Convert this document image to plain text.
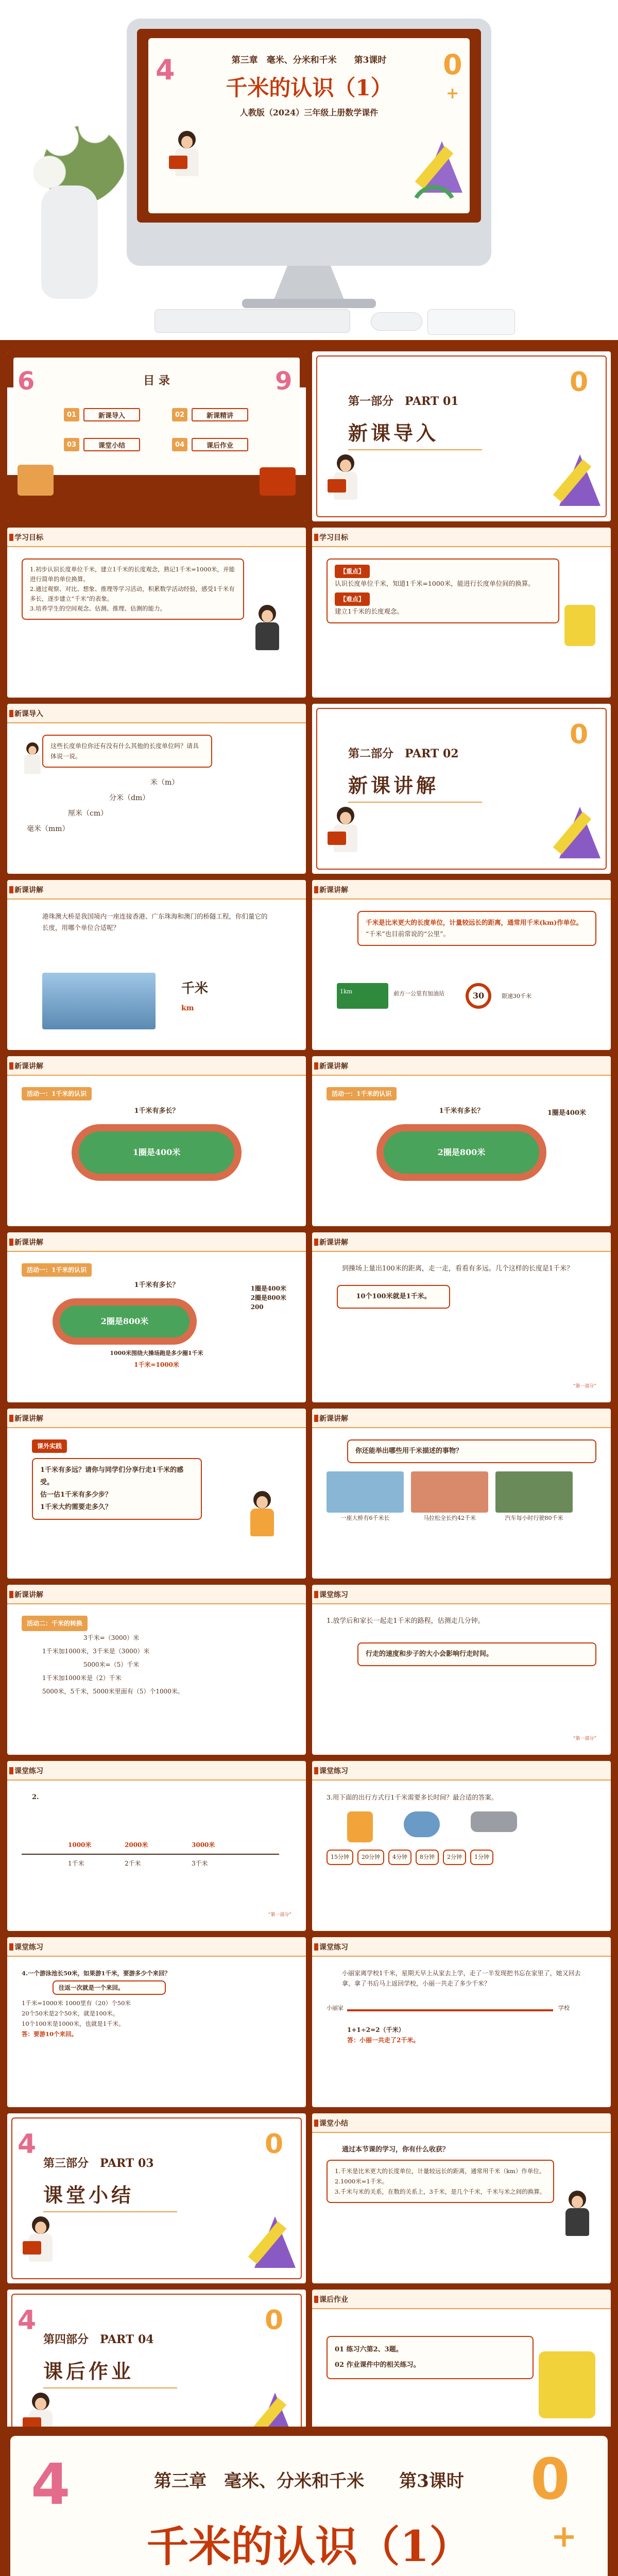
4	0
+
第三章　毫米、分米和千米　　第3课时
千米的认识（1）
人教版（2024）三年级上册数学课件
6	9
目 录
01	新课导入	02	新课精讲
03	课堂小结	04	课后作业
第一部分　PART 01
新课导入
0
学习目标

1.初步认识长度单位千米，建立1千米的长度观念，熟记1千米=1000米，并能进行简单的单位换算。

2.通过观察、对比、想象、推理等学习活动，积累数学活动经验，感受1千米有多长，逐步建立“千米”的表象。

3.培养学生的空间观念、估测、推理、估测的能力。

学习目标
【重点】

认识长度单位千米，知道1千米=1000米，能进行长度单位间的换算。

【难点】

建立1千米的长度观念。

新课导入
这些长度单位你还有没有什么其他的长度单位吗？请具体说一说。
米（m）
分米（dm）
厘米（cm）
毫米（mm）
第二部分　PART 02
新课讲解
0
新课讲解

港珠澳大桥是我国境内一座连接香港、广东珠海和澳门的桥隧工程，你们量它的长度，用哪个单位合适呢？

千米
km
新课讲解

千米是比米更大的长度单位，计量较远长的距离，通常用千米(km)作单位。

“千米”也目前常说的“公里”。

1km	前方一公里有加油站	30	限速30千米
新课讲解
活动一：1千米的认识

1千米有多长？

1圈是400米
新课讲解
活动一：1千米的认识

1千米有多长？	1圈是400米
2圈是800米
新课讲解
活动一：1千米的认识

1千米有多长？	1圈是400米
2圈是800米
200
2圈是800米

1000米围绕大操场跑是多少圈1千米

1千米=1000米

新课讲解

到操场上量出100米的距离，走一走，看看有多远。几个这样的长度是1千米？

10个100米就是1千米。
“第一部分”
新课讲解
课外实践

1千米有多远？请你与同学们分享行走1千米的感受。

估一估1千米有多少步？

1千米大约需要走多久？

新课讲解
你还能举出哪些用千米描述的事物？

一座大桥有6千米长	马拉松全长约42千米	汽车每小时行驶80千米

新课讲解
活动二：千米的转换

3千米=（3000）米

1千米加1000米，3千米是（3000）米

5000米=（5）千米

1千米加1000米是（2）千米

5000米，5千米，5000米里面有（5）个1000米。

课堂练习

1.放学后和家长一起走1千米的路程，估测走几分钟。

行走的速度和步子的大小会影响行走时间。
“第一部分”
课堂练习

2.

1000米	2000米	3000米
1千米	2千米	3千米
“第一部分”
课堂练习

3.用下面的出行方式行1千米需要多长时间？最合适的答案。

15分钟	20分钟	4分钟	8分钟	2分钟	1分钟
课堂练习

4.一个游泳池长50米，如果游1千米，要游多少个来回？

往返一次就是一个来回。

1千米=1000米 1000里有（20）个50米

20个50米是2个50米，就是100米。

10个100米是1000米，也就是1千米。

答：要游10个来回。

课堂练习

小丽家离学校1千米，星期天早上从家去上学，走了一半发现把书忘在家里了，她又回去拿，拿了书后马上返回学校，小丽一共走了多少千米？

小丽家	学校

1+1÷2=2（千米）

答：小丽一共走了2千米。

第三部分　PART 03
课堂小结
4	0
课堂小结

通过本节课的学习，你有什么收获？

1.千米是比米更大的长度单位，计量较远长的距离，通常用千米（km）作单位。

2.1000米=1千米。

3.千米与米的关系，在数的关系上，3千米，是几个千米，千米与米之间的换算。

第四部分　PART 04
课后作业
4	0
课后作业

01 练习六第2、3题。

02 作业课件中的相关练习。

4	0
+
第三章　毫米、分米和千米　　第3课时
千米的认识（1）
